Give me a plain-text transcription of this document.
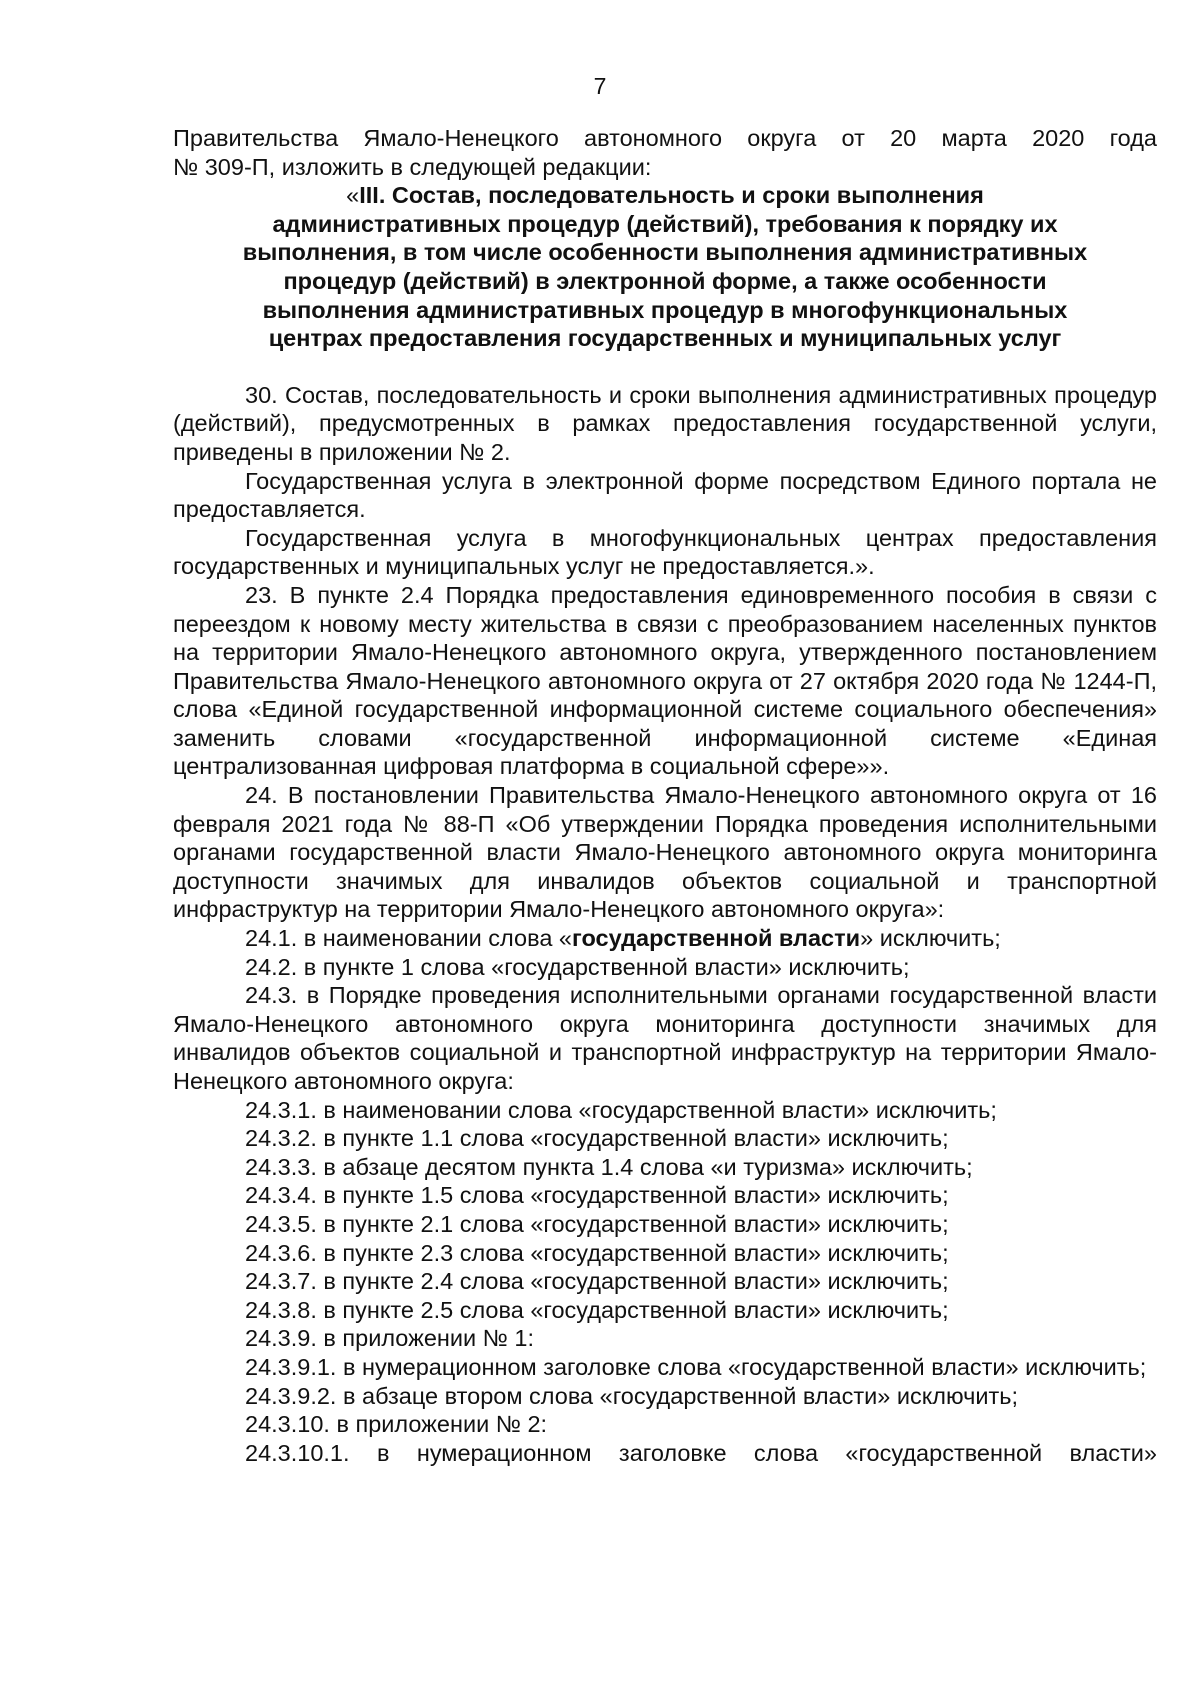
7

Правительства Ямало-Ненецкого автономного округа от 20 марта 2020 года

№ 309-П, изложить в следующей редакции:

«III. Состав, последовательность и сроки выполнения административных процедур (действий), требования к порядку их выполнения, в том числе особенности выполнения административных процедур (действий) в электронной форме, а также особенности выполнения административных процедур в многофункциональных центрах предоставления государственных и муниципальных услуг

30. Состав, последовательность и сроки выполнения административных процедур (действий), предусмотренных в рамках предоставления государственной услуги, приведены в приложении № 2.

Государственная услуга в электронной форме посредством Единого портала не предоставляется.

Государственная услуга в многофункциональных центрах предоставления государственных и муниципальных услуг не предоставляется.».

23. В пункте 2.4 Порядка предоставления единовременного пособия в связи с переездом к новому месту жительства в связи с преобразованием населенных пунктов на территории Ямало-Ненецкого автономного округа, утвержденного постановлением Правительства Ямало-Ненецкого автономного округа от 27 октября 2020 года № 1244-П, слова «Единой государственной информационной системе социального обеспечения» заменить словами «государственной информационной системе «Единая централизованная цифровая платформа в социальной сфере»».

24. В постановлении Правительства Ямало-Ненецкого автономного округа от 16 февраля 2021 года № 88-П «Об утверждении Порядка проведения исполнительными органами государственной власти Ямало-Ненецкого автономного округа мониторинга доступности значимых для инвалидов объектов социальной и транспортной инфраструктур на территории Ямало-Ненецкого автономного округа»:

24.1. в наименовании слова «государственной власти» исключить;

24.2. в пункте 1 слова «государственной власти» исключить;

24.3. в Порядке проведения исполнительными органами государственной власти Ямало-Ненецкого автономного округа мониторинга доступности значимых для инвалидов объектов социальной и транспортной инфраструктур на территории Ямало-Ненецкого автономного округа:

24.3.1. в наименовании слова «государственной власти» исключить;

24.3.2. в пункте 1.1 слова «государственной власти» исключить;

24.3.3. в абзаце десятом пункта 1.4 слова «и туризма» исключить;

24.3.4. в пункте 1.5 слова «государственной власти» исключить;

24.3.5. в пункте 2.1 слова «государственной власти» исключить;

24.3.6. в пункте 2.3 слова «государственной власти» исключить;

24.3.7. в пункте 2.4 слова «государственной власти» исключить;

24.3.8. в пункте 2.5 слова «государственной власти» исключить;

24.3.9. в приложении № 1:

24.3.9.1. в нумерационном заголовке слова «государственной власти» исключить;

24.3.9.2. в абзаце втором слова «государственной власти» исключить;

24.3.10. в приложении № 2:

24.3.10.1. в нумерационном заголовке слова «государственной власти»
